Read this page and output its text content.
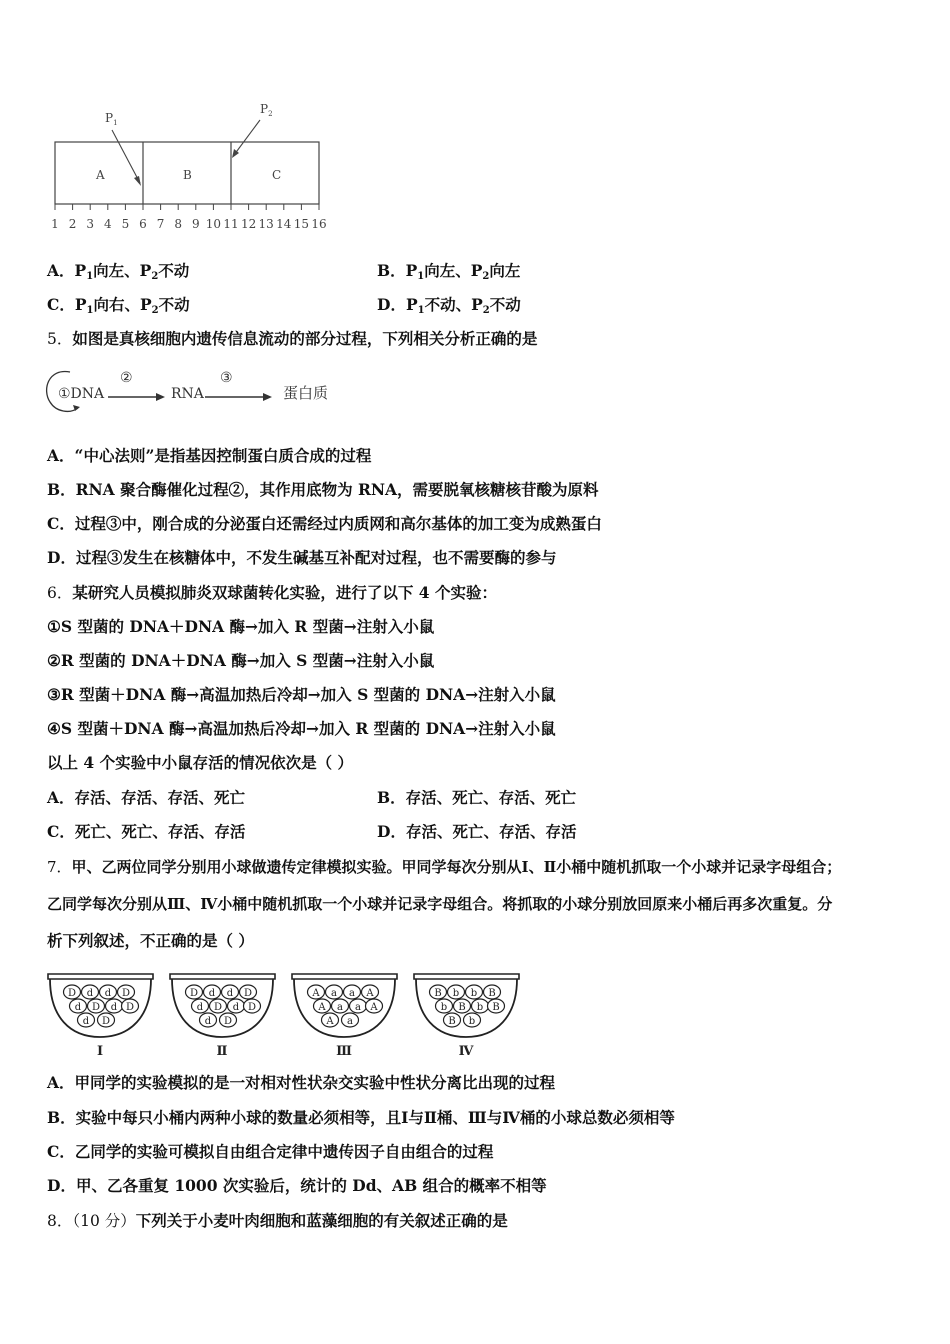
A	B	C
$P_1$
$P_2$
1 2 3 4 5 6 7 8 9 10 11 12 13 14 15 16
A．$P_1$向左、$P_2$不动	B．$P_1$向左、$P_2$向左
C．$P_1$向右、$P_2$不动	D．$P_1$不动、$P_2$不动
5．如图是真核细胞内遗传信息流动的部分过程，下列相关分析正确的是
①DNA
②
RNA
③
蛋白质
A．“中心法则”是指基因控制蛋白质合成的过程
B．RNA 聚合酶催化过程②，其作用底物为 RNA，需要脱氧核糖核苷酸为原料
C．过程③中，刚合成的分泌蛋白还需经过内质网和高尔基体的加工变为成熟蛋白
D．过程③发生在核糖体中，不发生碱基互补配对过程，也不需要酶的参与
6．某研究人员模拟肺炎双球菌转化实验，进行了以下 4 个实验：
①S 型菌的 DNA＋DNA 酶→加入 R 型菌→注射入小鼠
②R 型菌的 DNA＋DNA 酶→加入 S 型菌→注射入小鼠
③R 型菌＋DNA 酶→高温加热后冷却→加入 S 型菌的 DNA→注射入小鼠
④S 型菌＋DNA 酶→高温加热后冷却→加入 R 型菌的 DNA→注射入小鼠
以上 4 个实验中小鼠存活的情况依次是（ ）
A．存活、存活、存活、死亡	B．存活、死亡、存活、死亡
C．死亡、死亡、存活、存活	D．存活、死亡、存活、存活
7．甲、乙两位同学分别用小球做遗传定律模拟实验。甲同学每次分别从Ⅰ、Ⅱ小桶中随机抓取一个小球并记录字母组合；
乙同学每次分别从Ⅲ、Ⅳ小桶中随机抓取一个小球并记录字母组合。将抓取的小球分别放回原来小桶后再多次重复。分
析下列叙述，不正确的是（ ）
D d d D
d D d D
d D
Ⅰ
D d d D
d D d D
d D
Ⅱ
A a a A
A a a A
A a
Ⅲ
B b b B
b B b B
B b
Ⅳ
A．甲同学的实验模拟的是一对相对性状杂交实验中性状分离比出现的过程
B．实验中每只小桶内两种小球的数量必须相等，且Ⅰ与Ⅱ桶、Ⅲ与Ⅳ桶的小球总数必须相等
C．乙同学的实验可模拟自由组合定律中遗传因子自由组合的过程
D．甲、乙各重复 1000 次实验后，统计的 Dd、AB 组合的概率不相等
8．（10 分）下列关于小麦叶肉细胞和蓝藻细胞的有关叙述正确的是
